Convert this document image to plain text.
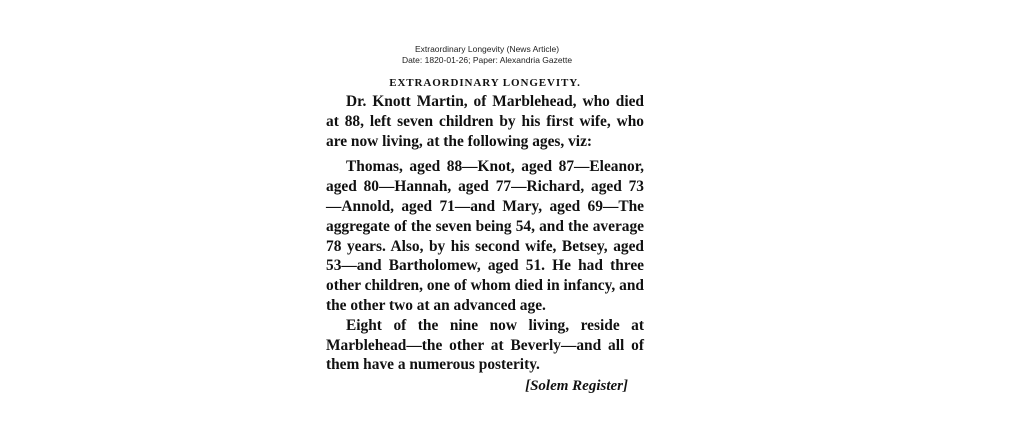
Extraordinary Longevity (News Article)
Date: 1820-01-26; Paper: Alexandria Gazette
EXTRAORDINARY LONGEVITY.

Dr. Knott Martin, of Marblehead, who died at 88, left seven children by his first wife, who are now living, at the following ages, viz:

Thomas, aged 88—Knot, aged 87—Eleanor, aged 80—Hannah, aged 77—Richard, aged 73—Annold, aged 71—and Mary, aged 69—The aggregate of the seven being 54, and the average 78 years. Also, by his second wife, Betsey, aged 53—and Bartholomew, aged 51. He had three other children, one of whom died in infancy, and the other two at an advanced age.

Eight of the nine now living, reside at Marblehead—the other at Beverly—and all of them have a numerous posterity.

[Solem Register]
